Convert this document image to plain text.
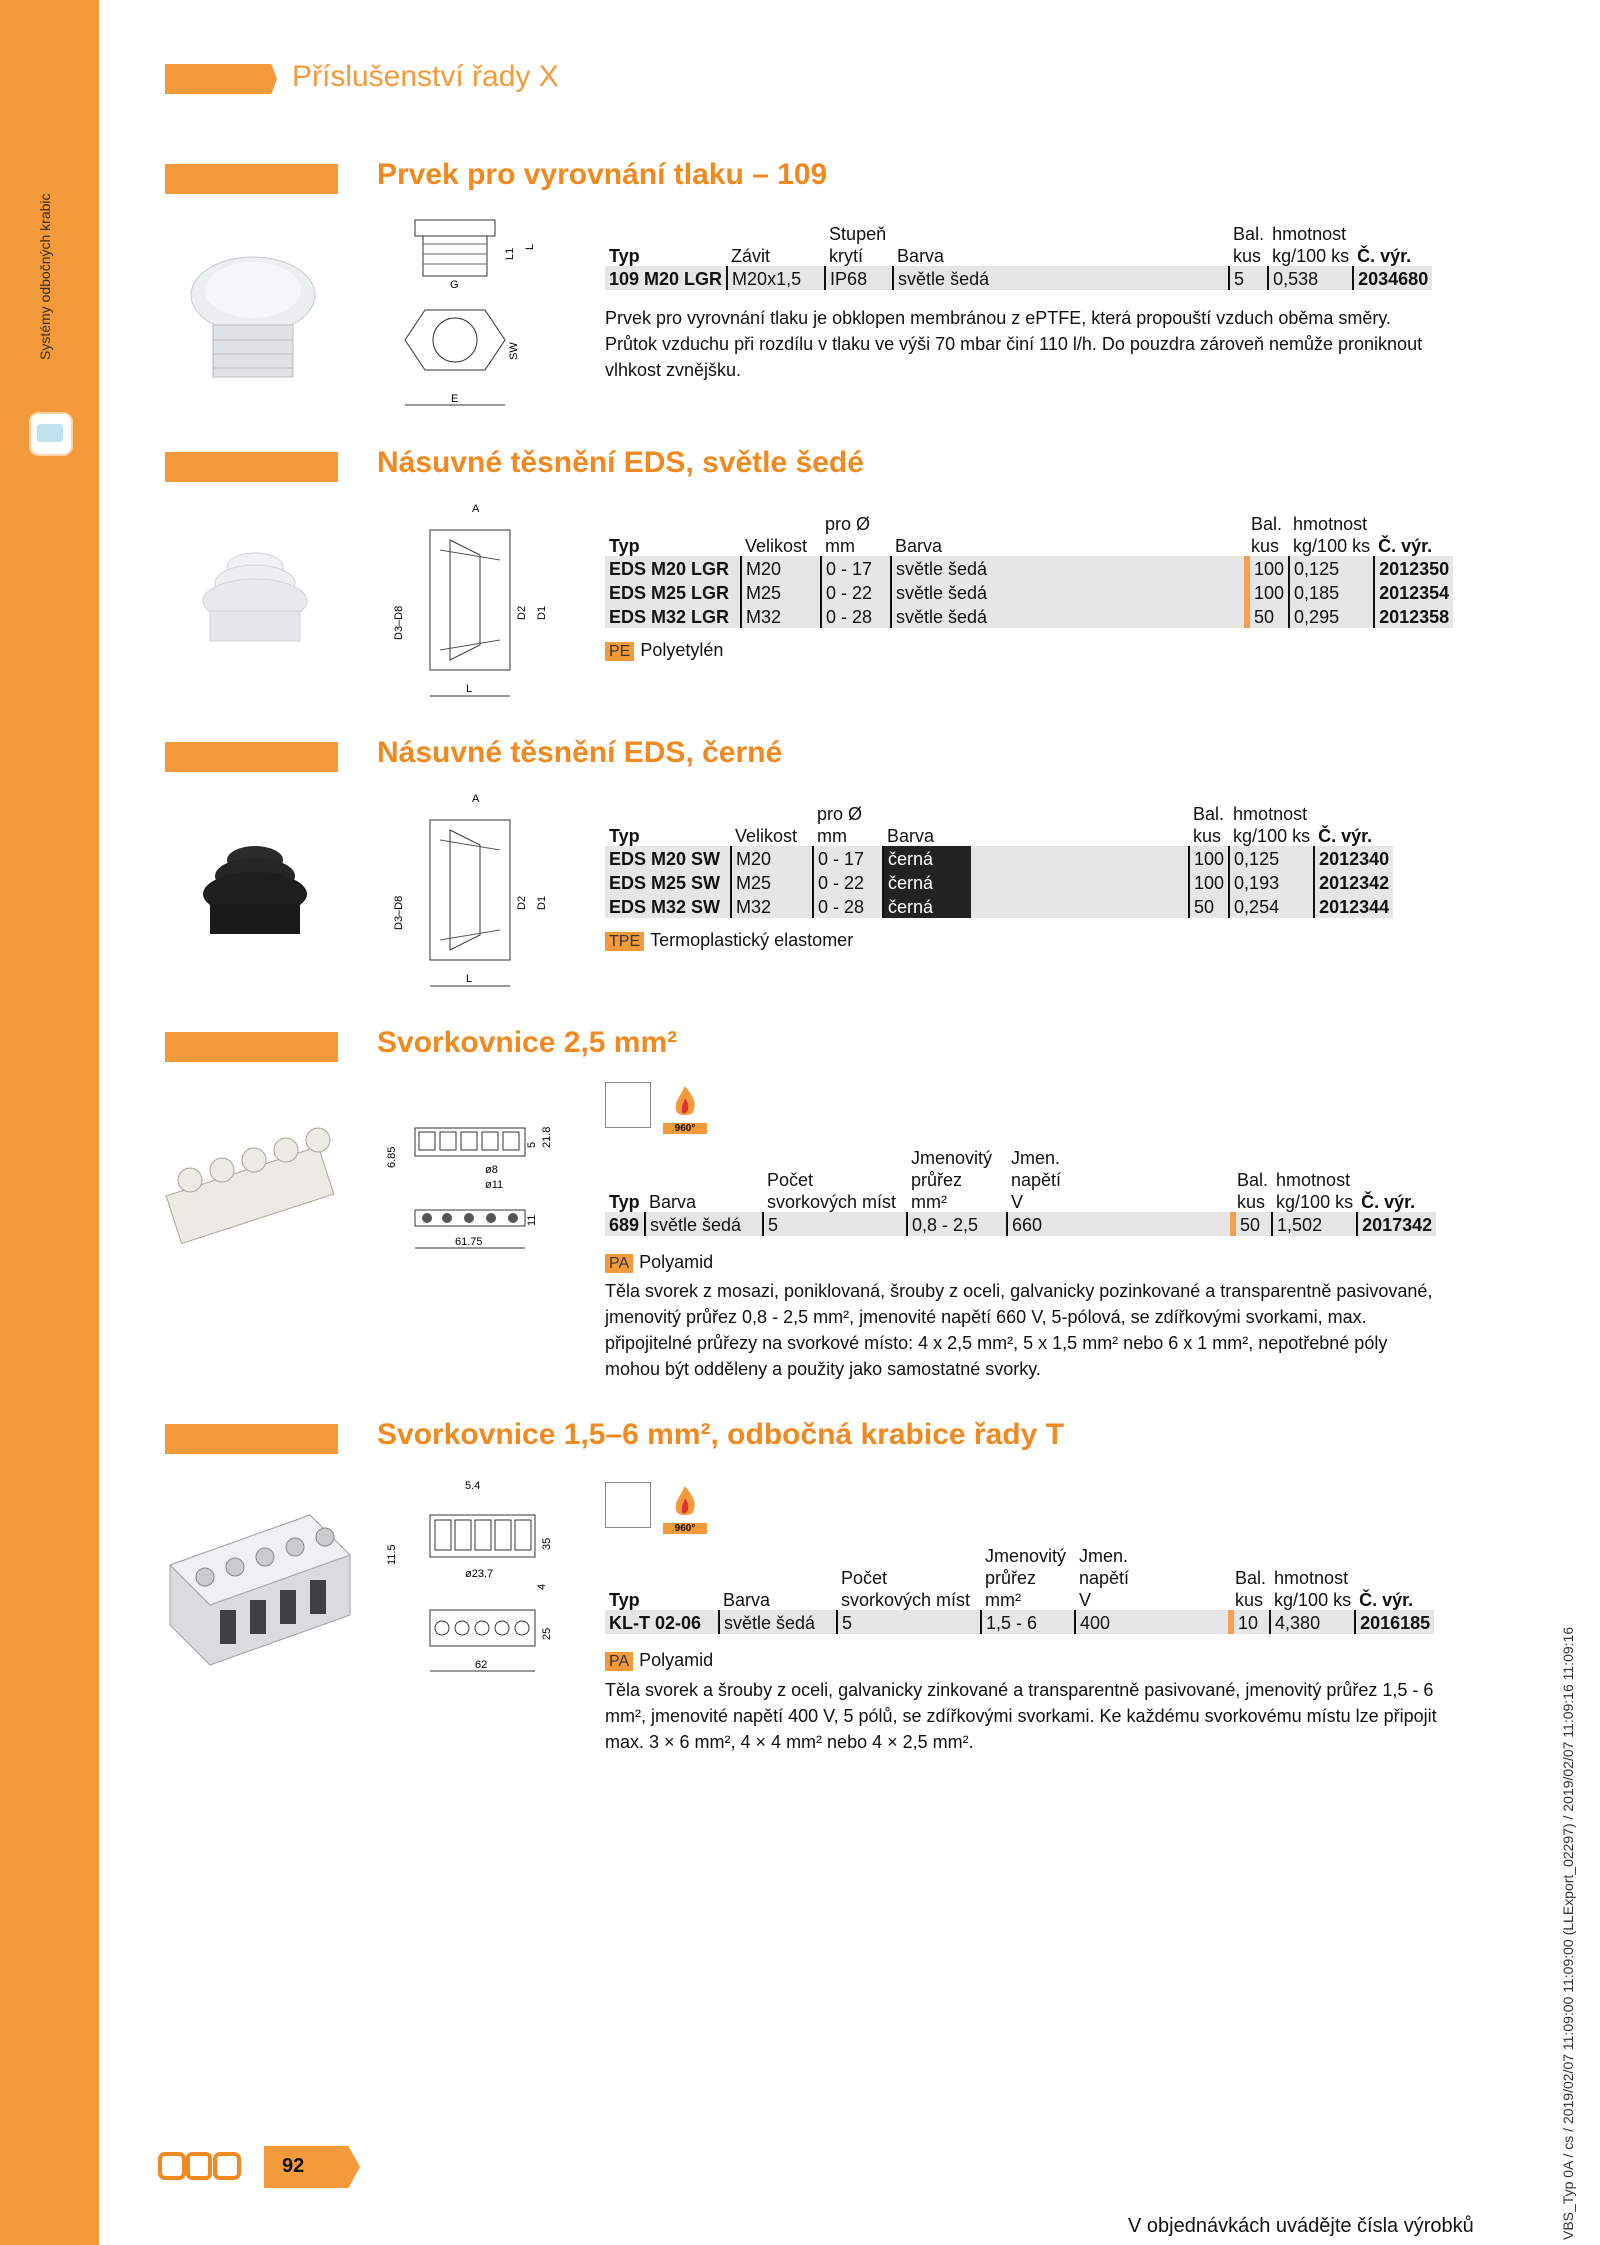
Systémy odbočných krabic
Příslušenství řady X
Prvek pro vyrovnání tlaku – 109
L1
L
G
SW
E
		Stupeň			Bal.	hmotnost	
Typ	Závit	krytí	Barva		kus	kg/100 ks	Č. výr.
109 M20 LGR	M20x1,5	IP68	světle šedá		5	0,538	2034680
Prvek pro vyrovnání tlaku je obklopen membránou z ePTFE, která propouští vzduch oběma směry. Průtok vzduchu při rozdílu v tlaku ve výši 70 mbar činí 110 l/h. Do pouzdra zároveň nemůže proniknout vlhkost zvnějšku.
Násuvné těsnění EDS, světle šedé
A
D3–D8	D2 D1
L
		pro Ø			Bal.	hmotnost	
Typ	Velikost	mm	Barva		kus	kg/100 ks	Č. výr.
EDS M20 LGR	M20	0 - 17	světle šedá		100	0,125	2012350
EDS M25 LGR	M25	0 - 22	světle šedá		100	0,185	2012354
EDS M32 LGR	M32	0 - 28	světle šedá		50	0,295	2012358
PE Polyetylén
Násuvné těsnění EDS, černé
A
D3–D8	D2 D1
L
		pro Ø			Bal.	hmotnost	
Typ	Velikost	mm	Barva		kus	kg/100 ks	Č. výr.
EDS M20 SW	M20	0 - 17	černá		100	0,125	2012340
EDS M25 SW	M25	0 - 22	černá		100	0,193	2012342
EDS M32 SW	M32	0 - 28	černá		50	0,254	2012344
TPE Termoplastický elastomer
Svorkovnice 2,5 mm²
6.85
5 21.8
ø8
ø11
11
61.75
960°
			Jmenovitý	Jmen.				
		Počet	průřez	napětí		Bal.	hmotnost	
Typ	Barva	svorkových míst	mm²	V		kus	kg/100 ks	Č. výr.
689	světle šedá	5	0,8 - 2,5	660		50	1,502	2017342
PA Polyamid
Těla svorek z mosazi, poniklovaná, šrouby z oceli, galvanicky pozinkované a transparentně pasivované, jmenovitý průřez 0,8 - 2,5 mm², jmenovité napětí 660 V, 5-pólová, se zdířkovými svorkami, max. připojitelné průřezy na svorkové místo: 4 x 2,5 mm², 5 x 1,5 mm² nebo 6 x 1 mm², nepotřebné póly mohou být odděleny a použity jako samostatné svorky.
Svorkovnice 1,5–6 mm², odbočná krabice řady T
5.4
11.5
35
ø23.7
4
25
62
960°
			Jmenovitý	Jmen.				
		Počet	průřez	napětí		Bal.	hmotnost	
Typ	Barva	svorkových míst	mm²	V		kus	kg/100 ks	Č. výr.
KL-T 02-06	světle šedá	5	1,5 - 6	400		10	4,380	2016185
PA Polyamid
Těla svorek a šrouby z oceli, galvanicky zinkované a transparentně pasivované, jmenovitý průřez 1,5 - 6 mm², jmenovité napětí 400 V, 5 pólů, se zdířkovými svorkami. Ke každému svorkovému místu lze připojit max. 3 × 6 mm², 4 × 4 mm² nebo 4 × 2,5 mm².	VBS_Typ 0A / cs / 2019/02/07 11:09:00 11:09:00 (LLExport_02297) / 2019/02/07 11:09:16 11:09:16
92
V objednávkách uvádějte čísla výrobků
